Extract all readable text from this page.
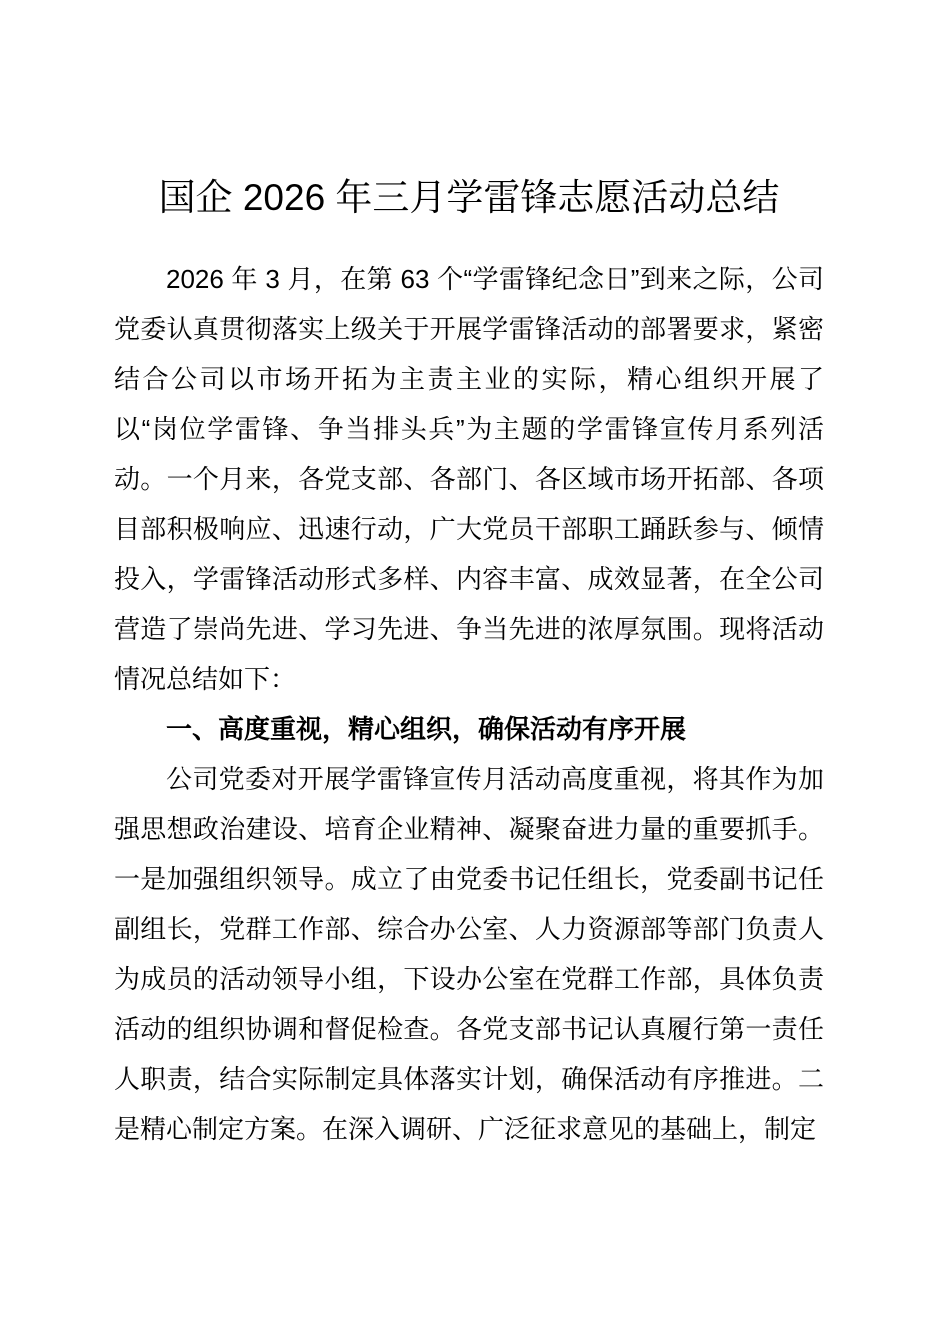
国企 2026 年三月学雷锋志愿活动总结

2026 年 3 月，在第 63 个“学雷锋纪念日”到来之际，公司党委认真贯彻落实上级关于开展学雷锋活动的部署要求，紧密结合公司以市场开拓为主责主业的实际，精心组织开展了以“岗位学雷锋、争当排头兵”为主题的学雷锋宣传月系列活动。一个月来，各党支部、各部门、各区域市场开拓部、各项目部积极响应、迅速行动，广大党员干部职工踊跃参与、倾情投入，学雷锋活动形式多样、内容丰富、成效显著，在全公司营造了崇尚先进、学习先进、争当先进的浓厚氛围。现将活动情况总结如下：

一、高度重视，精心组织，确保活动有序开展

公司党委对开展学雷锋宣传月活动高度重视，将其作为加强思想政治建设、培育企业精神、凝聚奋进力量的重要抓手。一是加强组织领导。成立了由党委书记任组长，党委副书记任副组长，党群工作部、综合办公室、人力资源部等部门负责人为成员的活动领导小组，下设办公室在党群工作部，具体负责活动的组织协调和督促检查。各党支部书记认真履行第一责任人职责，结合实际制定具体落实计划，确保活动有序推进。二是精心制定方案。在深入调研、广泛征求意见的基础上，制定
